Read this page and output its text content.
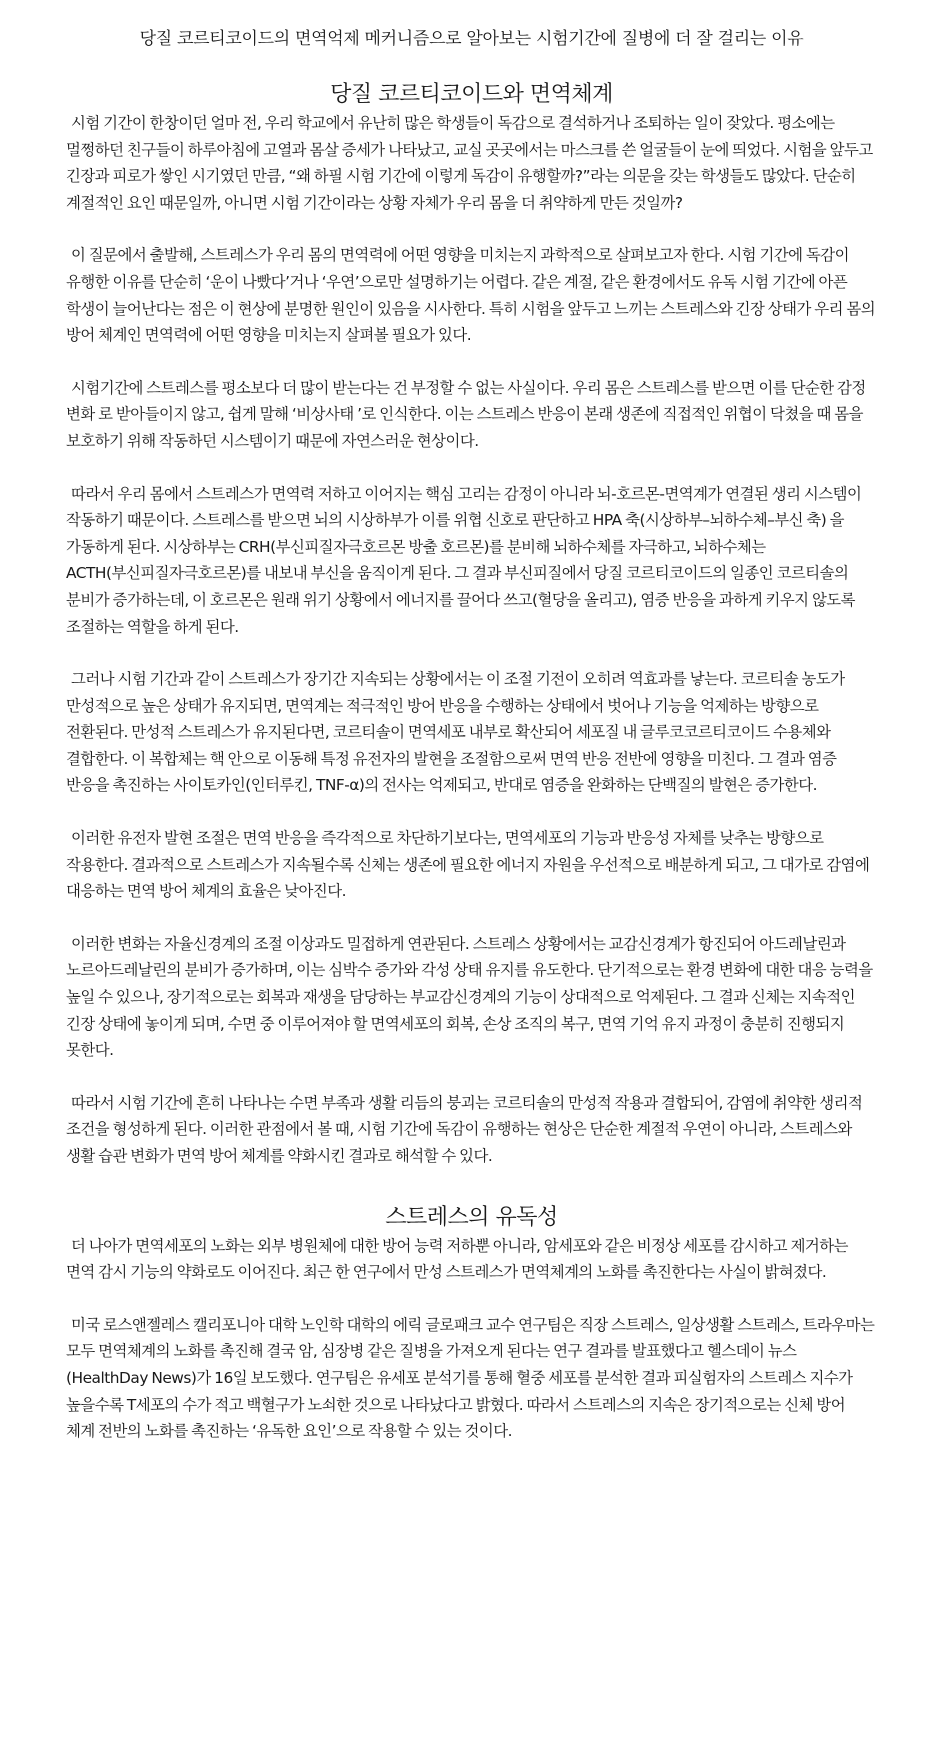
당질 코르티코이드의 면역억제 메커니즘으로 알아보는 시험기간에 질병에 더 잘 걸리는 이유
당질 코르티코이드와 면역체계

시험 기간이 한창이던 얼마 전, 우리 학교에서 유난히 많은 학생들이 독감으로 결석하거나 조퇴하는 일이 잦았다. 평소에는 멀쩡하던 친구들이 하루아침에 고열과 몸살 증세가 나타났고, 교실 곳곳에서는 마스크를 쓴 얼굴들이 눈에 띄었다. 시험을 앞두고 긴장과 피로가 쌓인 시기였던 만큼, “왜 하필 시험 기간에 이렇게 독감이 유행할까?”라는 의문을 갖는 학생들도 많았다. 단순히 계절적인 요인 때문일까, 아니면 시험 기간이라는 상황 자체가 우리 몸을 더 취약하게 만든 것일까?

이 질문에서 출발해, 스트레스가 우리 몸의 면역력에 어떤 영향을 미치는지 과학적으로 살펴보고자 한다. 시험 기간에 독감이 유행한 이유를 단순히 ‘운이 나빴다’거나 ‘우연’으로만 설명하기는 어렵다. 같은 계절, 같은 환경에서도 유독 시험 기간에 아픈 학생이 늘어난다는 점은 이 현상에 분명한 원인이 있음을 시사한다. 특히 시험을 앞두고 느끼는 스트레스와 긴장 상태가 우리 몸의 방어 체계인 면역력에 어떤 영향을 미치는지 살펴볼 필요가 있다.

시험기간에 스트레스를 평소보다 더 많이 받는다는 건 부정할 수 없는 사실이다. 우리 몸은 스트레스를 받으면 이를 단순한 감정 변화 로 받아들이지 않고, 쉽게 말해 ‘비상사태 ’로 인식한다. 이는 스트레스 반응이 본래 생존에 직접적인 위협이 닥쳤을 때 몸을 보호하기 위해 작동하던 시스템이기 때문에 자연스러운 현상이다.

따라서 우리 몸에서 스트레스가 면역력 저하고 이어지는 핵심 고리는 감정이 아니라 뇌-호르몬-면역계가 연결된 생리 시스템이 작동하기 때문이다. 스트레스를 받으면 뇌의 시상하부가 이를 위협 신호로 판단하고 HPA 축(시상하부–뇌하수체–부신 축) 을 가동하게 된다. 시상하부는 CRH(부신피질자극호르몬 방출 호르몬)를 분비해 뇌하수체를 자극하고, 뇌하수체는 ACTH(부신피질자극호르몬)를 내보내 부신을 움직이게 된다. 그 결과 부신피질에서 당질 코르티코이드의 일종인 코르티솔의 분비가 증가하는데, 이 호르몬은 원래 위기 상황에서 에너지를 끌어다 쓰고(혈당을 올리고), 염증 반응을 과하게 키우지 않도록 조절하는 역할을 하게 된다.

그러나 시험 기간과 같이 스트레스가 장기간 지속되는 상황에서는 이 조절 기전이 오히려 역효과를 낳는다. 코르티솔 농도가 만성적으로 높은 상태가 유지되면, 면역계는 적극적인 방어 반응을 수행하는 상태에서 벗어나 기능을 억제하는 방향으로 전환된다. 만성적 스트레스가 유지된다면, 코르티솔이 면역세포 내부로 확산되어 세포질 내 글루코코르티코이드 수용체와 결합한다. 이 복합체는 핵 안으로 이동해 특정 유전자의 발현을 조절함으로써 면역 반응 전반에 영향을 미친다. 그 결과 염증 반응을 촉진하는 사이토카인(인터루킨, TNF-α)의 전사는 억제되고, 반대로 염증을 완화하는 단백질의 발현은 증가한다.

이러한 유전자 발현 조절은 면역 반응을 즉각적으로 차단하기보다는, 면역세포의 기능과 반응성 자체를 낮추는 방향으로 작용한다. 결과적으로 스트레스가 지속될수록 신체는 생존에 필요한 에너지 자원을 우선적으로 배분하게 되고, 그 대가로 감염에 대응하는 면역 방어 체계의 효율은 낮아진다.

이러한 변화는 자율신경계의 조절 이상과도 밀접하게 연관된다. 스트레스 상황에서는 교감신경계가 항진되어 아드레날린과 노르아드레날린의 분비가 증가하며, 이는 심박수 증가와 각성 상태 유지를 유도한다. 단기적으로는 환경 변화에 대한 대응 능력을 높일 수 있으나, 장기적으로는 회복과 재생을 담당하는 부교감신경계의 기능이 상대적으로 억제된다. 그 결과 신체는 지속적인 긴장 상태에 놓이게 되며, 수면 중 이루어져야 할 면역세포의 회복, 손상 조직의 복구, 면역 기억 유지 과정이 충분히 진행되지 못한다.

따라서 시험 기간에 흔히 나타나는 수면 부족과 생활 리듬의 붕괴는 코르티솔의 만성적 작용과 결합되어, 감염에 취약한 생리적 조건을 형성하게 된다. 이러한 관점에서 볼 때, 시험 기간에 독감이 유행하는 현상은 단순한 계절적 우연이 아니라, 스트레스와 생활 습관 변화가 면역 방어 체계를 약화시킨 결과로 해석할 수 있다.

스트레스의 유독성

더 나아가 면역세포의 노화는 외부 병원체에 대한 방어 능력 저하뿐 아니라, 암세포와 같은 비정상 세포를 감시하고 제거하는 면역 감시 기능의 약화로도 이어진다. 최근 한 연구에서 만성 스트레스가 면역체계의 노화를 촉진한다는 사실이 밝혀졌다.

미국 로스앤젤레스 캘리포니아 대학 노인학 대학의 에릭 글로패크 교수 연구팀은 직장 스트레스, 일상생활 스트레스, 트라우마는 모두 면역체계의 노화를 촉진해 결국 암, 심장병 같은 질병을 가져오게 된다는 연구 결과를 발표했다고 헬스데이 뉴스(HealthDay News)가 16일 보도했다. 연구팀은 유세포 분석기를 통해 혈중 세포를 분석한 결과 피실험자의 스트레스 지수가 높을수록 T세포의 수가 적고 백혈구가 노쇠한 것으로 나타났다고 밝혔다. 따라서 스트레스의 지속은 장기적으로는 신체 방어 체계 전반의 노화를 촉진하는 ‘유독한 요인’으로 작용할 수 있는 것이다.
